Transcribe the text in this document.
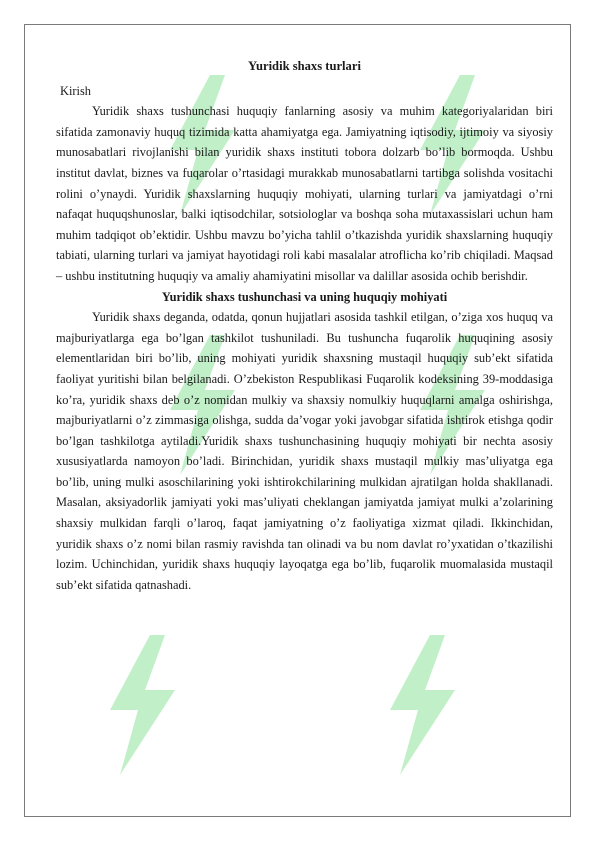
Yuridik shaxs turlari

Kirish

Yuridik shaxs tushunchasi huquqiy fanlarning asosiy va muhim kategoriyalaridan biri sifatida zamonaviy huquq tizimida katta ahamiyatga ega. Jamiyatning iqtisodiy, ijtimoiy va siyosiy munosabatlari rivojlanishi bilan yuridik shaxs instituti tobora dolzarb bo’lib bormoqda. Ushbu institut davlat, biznes va fuqarolar o’rtasidagi murakkab munosabatlarni tartibga solishda vositachi rolini o’ynaydi. Yuridik shaxslarning huquqiy mohiyati, ularning turlari va jamiyatdagi o’rni nafaqat huquqshunoslar, balki iqtisodchilar, sotsiologlar va boshqa soha mutaxassislari uchun ham muhim tadqiqot ob’ektidir. Ushbu mavzu bo’yicha tahlil o’tkazishda yuridik shaxslarning huquqiy tabiati, ularning turlari va jamiyat hayotidagi roli kabi masalalar atroflicha ko’rib chiqiladi. Maqsad – ushbu institutning huquqiy va amaliy ahamiyatini misollar va dalillar asosida ochib berishdir.

Yuridik shaxs tushunchasi va uning huquqiy mohiyati

Yuridik shaxs deganda, odatda, qonun hujjatlari asosida tashkil etilgan, o’ziga xos huquq va majburiyatlarga ega bo’lgan tashkilot tushuniladi. Bu tushuncha fuqarolik huquqining asosiy elementlaridan biri bo’lib, uning mohiyati yuridik shaxsning mustaqil huquqiy sub’ekt sifatida faoliyat yuritishi bilan belgilanadi. O’zbekiston Respublikasi Fuqarolik kodeksining 39-moddasiga ko’ra, yuridik shaxs deb o’z nomidan mulkiy va shaxsiy nomulkiy huquqlarni amalga oshirishga, majburiyatlarni o’z zimmasiga olishga, sudda da’vogar yoki javobgar sifatida ishtirok etishga qodir bo’lgan tashkilotga aytiladi.Yuridik shaxs tushunchasining huquqiy mohiyati bir nechta asosiy xususiyatlarda namoyon bo’ladi. Birinchidan, yuridik shaxs mustaqil mulkiy mas’uliyatga ega bo’lib, uning mulki asoschilarining yoki ishtirokchilarining mulkidan ajratilgan holda shakllanadi. Masalan, aksiyadorlik jamiyati yoki mas’uliyati cheklangan jamiyatda jamiyat mulki a’zolarining shaxsiy mulkidan farqli o’laroq, faqat jamiyatning o’z faoliyatiga xizmat qiladi. Ikkinchidan, yuridik shaxs o’z nomi bilan rasmiy ravishda tan olinadi va bu nom davlat ro’yxatidan o’tkazilishi lozim. Uchinchidan, yuridik shaxs huquqiy layoqatga ega bo’lib, fuqarolik muomalasida mustaqil sub’ekt sifatida qatnashadi.
